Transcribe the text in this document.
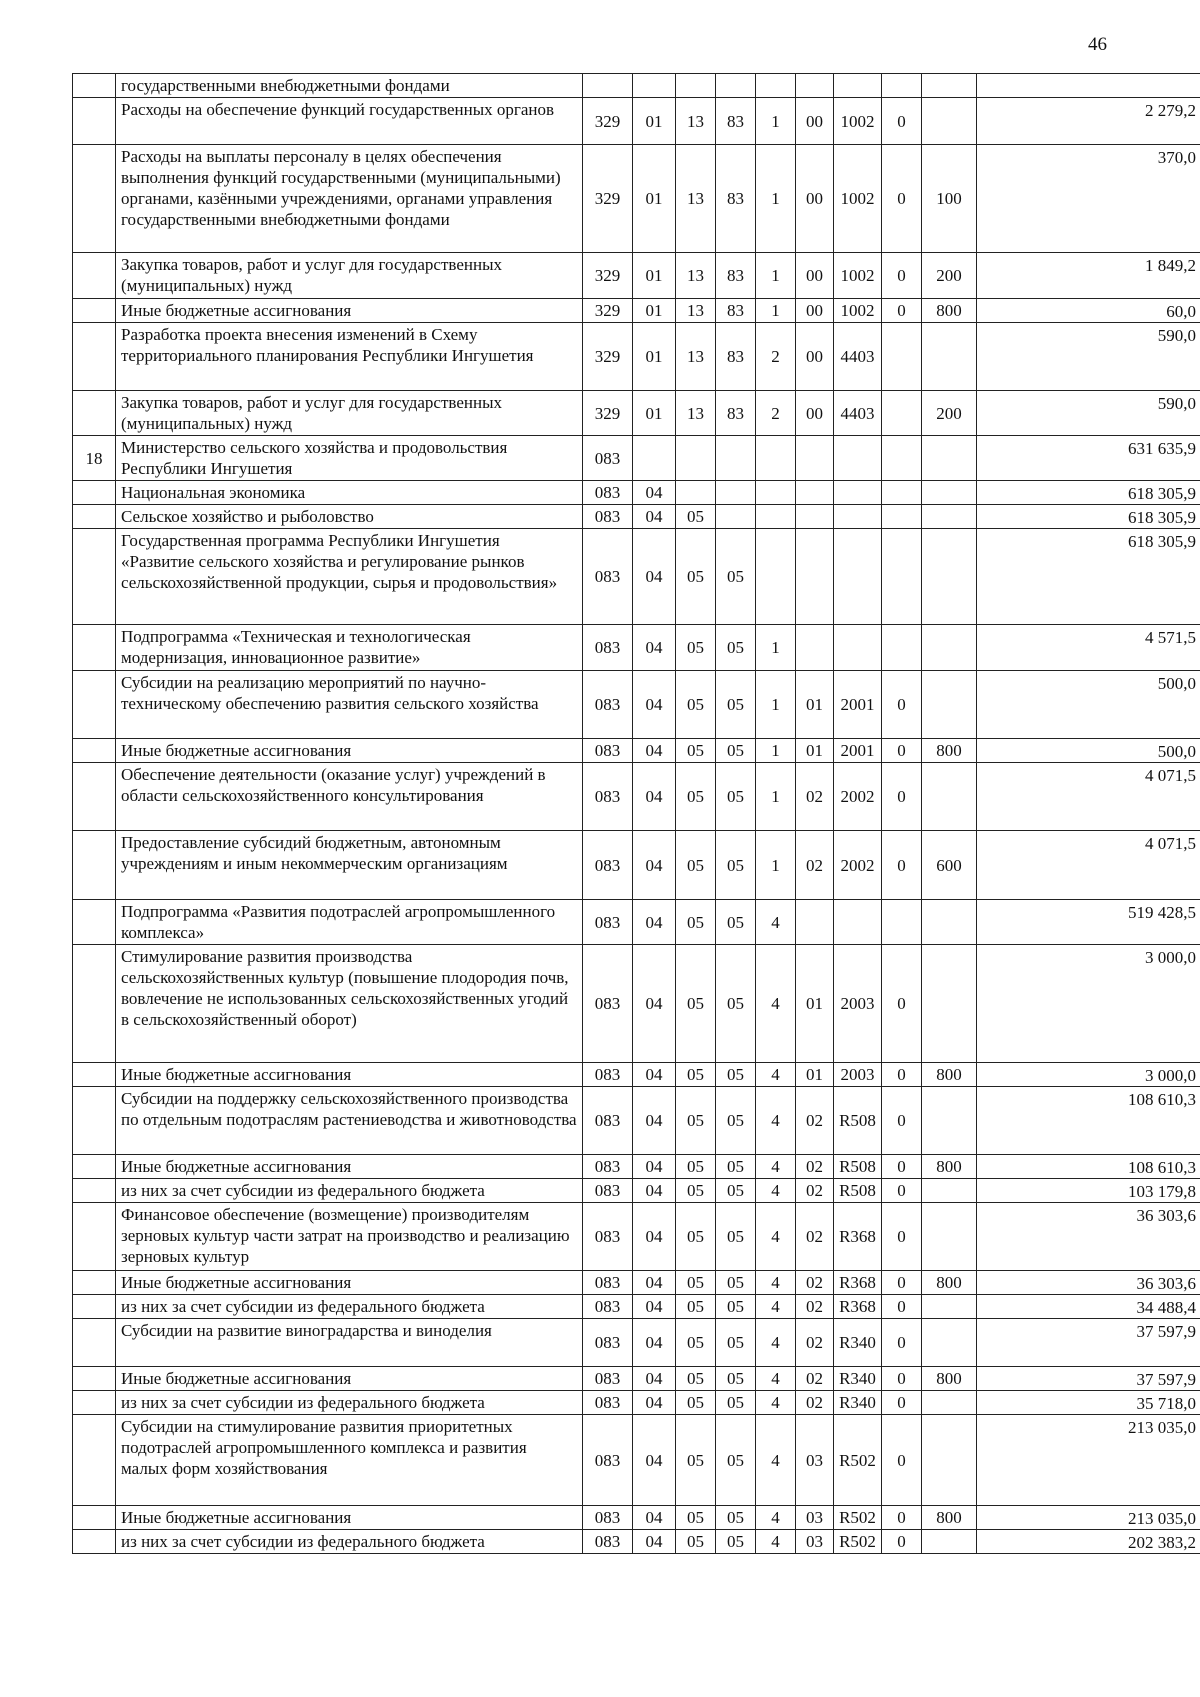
46
	государственными внебюджетными фондами										
	Расходы на обеспечение функций государственных органов	329	01	13	83	1	00	1002	0		2 279,2
	Расходы на выплаты персоналу в целях обеспечения выполнения функций государственными (муниципальными) органами, казёнными учреждениями, органами управления государственными внебюджетными фондами	329	01	13	83	1	00	1002	0	100	370,0
	Закупка товаров, работ и услуг для государственных (муниципальных) нужд	329	01	13	83	1	00	1002	0	200	1 849,2
	Иные бюджетные ассигнования	329	01	13	83	1	00	1002	0	800	60,0
	Разработка проекта внесения изменений в Схему территориального планирования Республики Ингушетия	329	01	13	83	2	00	4403			590,0
	Закупка товаров, работ и услуг для государственных (муниципальных) нужд	329	01	13	83	2	00	4403		200	590,0
18	Министерство сельского хозяйства и продовольствия Республики Ингушетия	083									631 635,9
	Национальная экономика	083	04								618 305,9
	Сельское хозяйство и рыболовство	083	04	05							618 305,9
	Государственная программа Республики Ингушетия «Развитие сельского хозяйства и регулирование рынков сельскохозяйственной продукции, сырья и продовольствия»	083	04	05	05						618 305,9
	Подпрограмма «Техническая и технологическая модернизация, инновационное развитие»	083	04	05	05	1					4 571,5
	Субсидии на реализацию мероприятий по научно-техническому обеспечению развития сельского хозяйства	083	04	05	05	1	01	2001	0		500,0
	Иные бюджетные ассигнования	083	04	05	05	1	01	2001	0	800	500,0
	Обеспечение деятельности (оказание услуг) учреждений в области сельскохозяйственного консультирования	083	04	05	05	1	02	2002	0		4 071,5
	Предоставление субсидий бюджетным, автономным учреждениям и иным некоммерческим организациям	083	04	05	05	1	02	2002	0	600	4 071,5
	Подпрограмма «Развития подотраслей агропромышленного комплекса»	083	04	05	05	4					519 428,5
	Стимулирование развития производства сельскохозяйственных культур (повышение плодородия почв, вовлечение не использованных сельскохозяйственных угодий в сельскохозяйственный оборот)	083	04	05	05	4	01	2003	0		3 000,0
	Иные бюджетные ассигнования	083	04	05	05	4	01	2003	0	800	3 000,0
	Субсидии на поддержку сельскохозяйственного производства по отдельным подотраслям растениеводства и животноводства	083	04	05	05	4	02	R508	0		108 610,3
	Иные бюджетные ассигнования	083	04	05	05	4	02	R508	0	800	108 610,3
	из них за счет субсидии из федерального бюджета	083	04	05	05	4	02	R508	0		103 179,8
	Финансовое обеспечение (возмещение) производителям зерновых культур части затрат на производство и реализацию зерновых культур	083	04	05	05	4	02	R368	0		36 303,6
	Иные бюджетные ассигнования	083	04	05	05	4	02	R368	0	800	36 303,6
	из них за счет субсидии из федерального бюджета	083	04	05	05	4	02	R368	0		34 488,4
	Субсидии на развитие виноградарства и виноделия	083	04	05	05	4	02	R340	0		37 597,9
	Иные бюджетные ассигнования	083	04	05	05	4	02	R340	0	800	37 597,9
	из них за счет субсидии из федерального бюджета	083	04	05	05	4	02	R340	0		35 718,0
	Субсидии на стимулирование развития приоритетных подотраслей агропромышленного комплекса и развития малых форм хозяйствования	083	04	05	05	4	03	R502	0		213 035,0
	Иные бюджетные ассигнования	083	04	05	05	4	03	R502	0	800	213 035,0
	из них за счет субсидии из федерального бюджета	083	04	05	05	4	03	R502	0		202 383,2
